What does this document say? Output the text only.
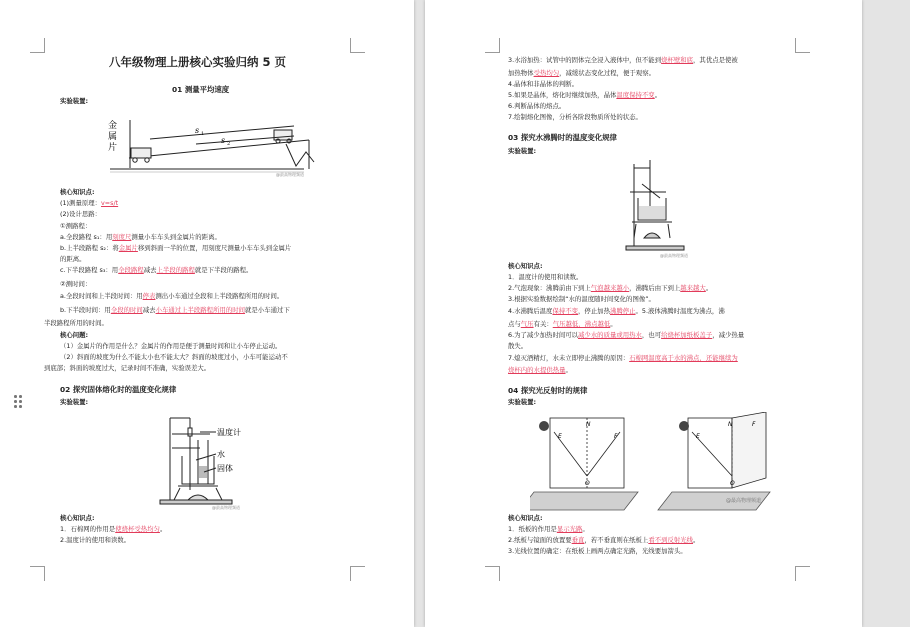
八年级物理上册核心实验归纳 5 页
01 测量平均速度
实验装置:
金
属
片
s 1
s 2
@最高物理频道
核心知识点:
(1)测量原理：v=s/t
(2)设计思路：
①测路程：
a.全段路程 s₁：用刻度尺测量小车车头到金属片的距离。
b.上半段路程 s₂：将金属片移到斜面一半的位置，用刻度尺测量小车车头到金属片
的距离。
c.下半段路程 s₃：用全段路程减去上半段的路程就是下半段的路程。
②测时间：
a.全段时间和上半段时间：用停表测出小车通过全段和上半段路程所用的时间。
b.下半段时间：用全段的时间减去小车通过上半段路程所用的时间就是小车通过下
半段路程所用的时间。
核心问题:
（1）金属片的作用是什么？金属片的作用是便于测量时间和让小车停止运动。
（2）斜面的坡度为什么不能太小也不能太大？斜面的坡度过小，小车可能运动不
到底部；斜面的坡度过大，记录时间不准确，实验误差大。
02 探究固体熔化时的温度变化规律
实验装置:
温度计
水
固体
@最高物理频道
核心知识点:
1．石棉网的作用是使烧杯受热均匀。
2.温度计的使用和读数。
3.水浴加热：试管中的固体完全浸入液体中，但不能到烧杯壁和底，其优点是使被
加热物体受热均匀，减缓状态变化过程，便于观察。
4.晶体和非晶体的判断。
5.如果是晶体，熔化时继续加热，晶体温度保持不变。
6.判断晶体的熔点。
7.绘制熔化图像，分析各阶段物质所处的状态。
03 探究水沸腾时的温度变化规律
实验装置:
@最高物理频道
核心知识点:
1．温度计的使用和读数。
2.气泡现象：沸腾前由下到上气泡越来越小，沸腾后由下到上越来越大。
3.根据实验数据绘制“水的温度随时间变化的图像”。
4.水沸腾后温度保持不变，停止加热沸腾停止。5.液体沸腾时温度为沸点，沸
点与气压有关：气压越低，沸点越低。
6.为了减少加热时间可以减少水的质量或用热水，也可给烧杯加纸板盖子，减少热量
散失。
7.熄灭酒精灯，水未立即停止沸腾的原因：石棉网温度高于水的沸点，还能继续为
烧杯内的水提供热量。
04 探究光反射时的规律
实验装置:
E
N
F
O
E
N	F
O
@最高物理频道
核心知识点:
1．纸板的作用是显示光路。
2.纸板与镜面的放置要垂直，若不垂直则在纸板上看不到反射光线。
3.光线位置的确定：在纸板上画两点确定光路，光线要加箭头。
